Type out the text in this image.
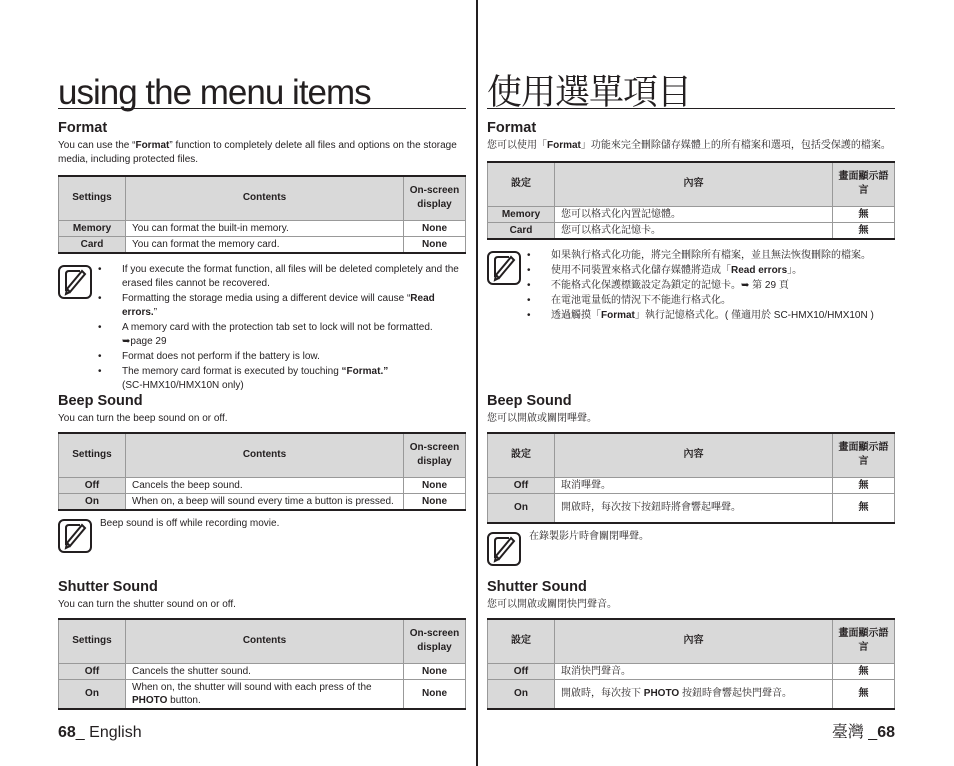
using the menu items
Format

You can use the “Format” function to completely delete all files and options on the storage media, including protected files.

Settings	Contents	On-screen display
Memory	You can format the built-in memory.	None
Card	You can format the memory card.	None
• If you execute the format function, all files will be deleted completely and the erased files cannot be recovered.
• Formatting the storage media using a different device will cause “Read errors.”
• A memory card with the protection tab set to lock will not be formatted.
➥page 29
• Format does not perform if the battery is low.
• The memory card format is executed by touching “Format.”
(SC-HMX10/HMX10N only)
Beep Sound

You can turn the beep sound on or off.

Settings	Contents	On-screen display
Off	Cancels the beep sound.	None
On	When on, a beep will sound every time a button is pressed.	None

Beep sound is off while recording movie.

Shutter Sound

You can turn the shutter sound on or off.

Settings	Contents	On-screen display
Off	Cancels the shutter sound.	None
On	When on, the shutter will sound with each press of the PHOTO button.	None
68_ English
使用選單項目
Format

您可以使用「Format」功能來完全刪除儲存媒體上的所有檔案和選項，包括受保護的檔案。

設定	內容	畫面顯示語言
Memory	您可以格式化內置記憶體。	無
Card	您可以格式化記憶卡。	無
• 如果執行格式化功能，將完全刪除所有檔案，並且無法恢復刪除的檔案。
• 使用不同裝置來格式化儲存媒體將造成「Read errors」。
• 不能格式化保護標籤設定為鎖定的記憶卡。➥ 第 29 頁
• 在電池電量低的情況下不能進行格式化。
• 透過觸摸「Format」執行記憶格式化。( 僅適用於 SC-HMX10/HMX10N )
Beep Sound

您可以開啟或關閉嗶聲。

設定	內容	畫面顯示語言
Off	取消嗶聲。	無
On	開啟時，每次按下按鈕時將會響起嗶聲。	無

在錄製影片時會關閉嗶聲。

Shutter Sound

您可以開啟或關閉快門聲音。

設定	內容	畫面顯示語言
Off	取消快門聲音。	無
On	開啟時，每次按下 PHOTO 按鈕時會響起快門聲音。	無
臺灣 _68
